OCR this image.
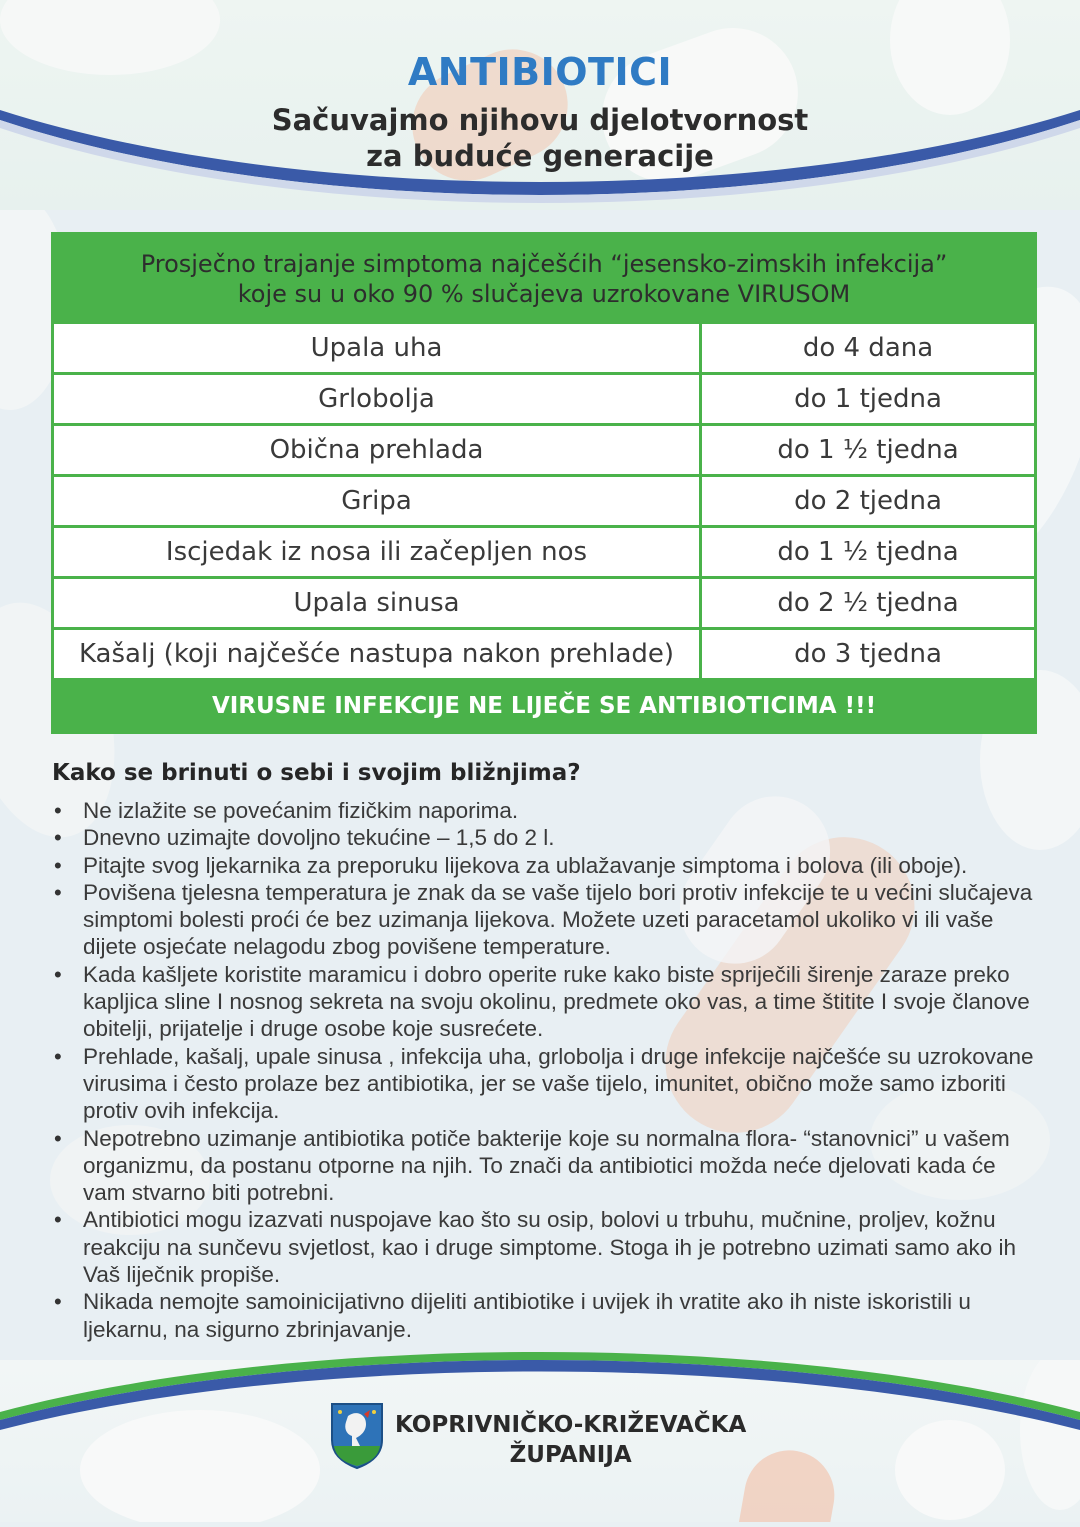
ANTIBIOTICI
Sačuvajmo njihovu djelotvornost
za buduće generacije
Prosječno trajanje simptoma najčešćih “jesensko-zimskih infekcija”
koje su u oko 90 % slučajeva uzrokovane VIRUSOM
Upala uha	do 4 dana
Grlobolja	do 1 tjedna
Obična prehlada	do 1 ½ tjedna
Gripa	do 2 tjedna
Iscjedak iz nosa ili začepljen nos	do 1 ½ tjedna
Upala sinusa	do 2 ½ tjedna
Kašalj (koji najčešće nastupa nakon prehlade)	do 3 tjedna
VIRUSNE INFEKCIJE NE LIJEČE SE ANTIBIOTICIMA !!!
Kako se brinuti o sebi i svojim bližnjima?
• Ne izlažite se povećanim fizičkim naporima.
• Dnevno uzimajte dovoljno tekućine – 1,5 do 2 l.
• Pitajte svog ljekarnika za preporuku lijekova za ublažavanje simptoma i bolova (ili oboje).
• Povišena tjelesna temperatura je znak da se vaše tijelo bori protiv infekcije te u većini slučajeva simptomi bolesti proći će bez uzimanja lijekova. Možete uzeti paracetamol ukoliko vi ili vaše dijete osjećate nelagodu zbog povišene temperature.
• Kada kašljete koristite maramicu i dobro operite ruke kako biste spriječili širenje zaraze preko kapljica sline I nosnog sekreta na svoju okolinu, predmete oko vas, a time štitite I svoje članove obitelji, prijatelje i druge osobe koje susrećete.
• Prehlade, kašalj, upale sinusa , infekcija uha, grlobolja i druge infekcije najčešće su uzrokovane virusima i često prolaze bez antibiotika, jer se vaše tijelo, imunitet, obično može samo izboriti protiv ovih infekcija.
• Nepotrebno uzimanje antibiotika potiče bakterije koje su normalna flora- “stanovnici” u vašem organizmu, da postanu otporne na njih. To znači da antibiotici možda neće djelovati kada će vam stvarno biti potrebni.
• Antibiotici mogu izazvati nuspojave kao što su osip, bolovi u trbuhu, mučnine, proljev, kožnu reakciju na sunčevu svjetlost, kao i druge simptome. Stoga ih je potrebno uzimati samo ako ih Vaš liječnik propiše.
• Nikada nemojte samoinicijativno dijeliti antibiotike i uvijek ih vratite ako ih niste iskoristili u ljekarnu, na sigurno zbrinjavanje.
KOPRIVNIČKO-KRIŽEVAČKA
ŽUPANIJA
